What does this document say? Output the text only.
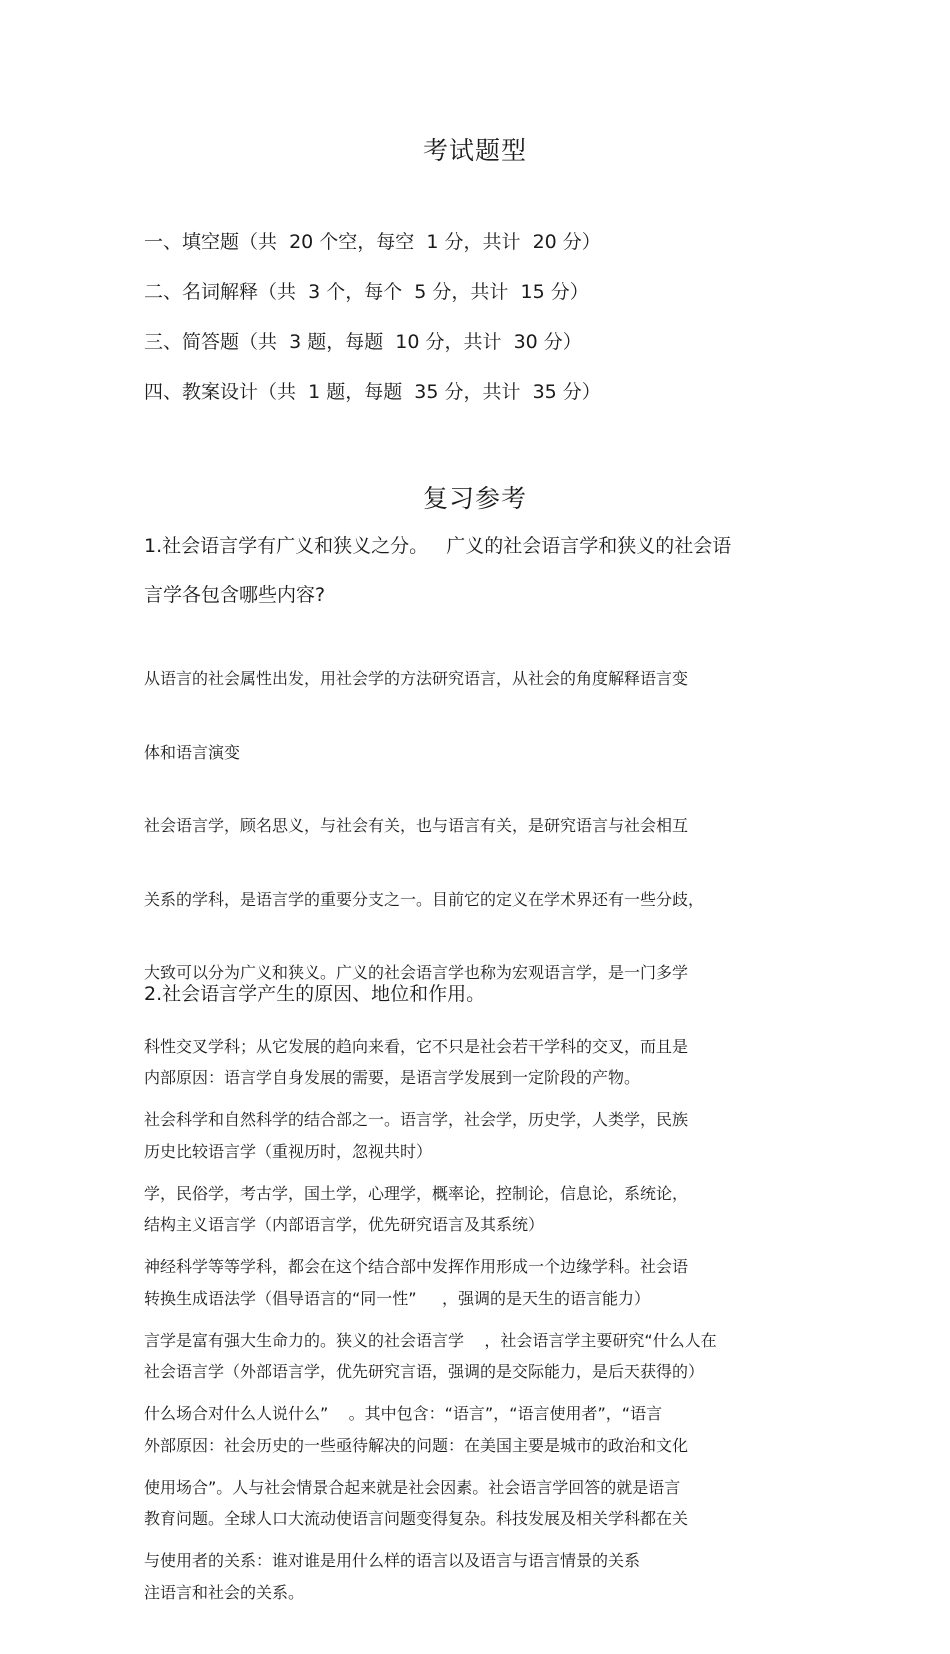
考试题型
一、填空题（共  20 个空，每空  1 分，共计  20 分）
二、名词解释（共  3 个，每个  5 分，共计  15 分）
三、简答题（共  3 题，每题  10 分，共计  30 分）
四、教案设计（共  1 题，每题  35 分，共计  35 分）
复习参考
1.社会语言学有广义和狭义之分。   广义的社会语言学和狭义的社会语
言学各包含哪些内容?

从语言的社会属性出发，用社会学的方法研究语言，从社会的角度解释语言变

体和语言演变

社会语言学，顾名思义，与社会有关，也与语言有关，是研究语言与社会相互

关系的学科，是语言学的重要分支之一。目前它的定义在学术界还有一些分歧，

大致可以分为广义和狭义。广义的社会语言学也称为宏观语言学，是一门多学

科性交叉学科；从它发展的趋向来看，它不只是社会若干学科的交叉，而且是

社会科学和自然科学的结合部之一。语言学，社会学，历史学，人类学，民族

学，民俗学，考古学，国土学，心理学，概率论，控制论，信息论，系统论，

神经科学等等学科，都会在这个结合部中发挥作用形成一个边缘学科。社会语

言学是富有强大生命力的。狭义的社会语言学    ，社会语言学主要研究“什么人在

什么场合对什么人说什么”    。其中包含：“语言”，“语言使用者”，“语言

使用场合”。人与社会情景合起来就是社会因素。社会语言学回答的就是语言

与使用者的关系：谁对谁是用什么样的语言以及语言与语言情景的关系

2.社会语言学产生的原因、地位和作用。

内部原因：语言学自身发展的需要，是语言学发展到一定阶段的产物。

历史比较语言学（重视历时，忽视共时）

结构主义语言学（内部语言学，优先研究语言及其系统）

转换生成语法学（倡导语言的“同一性”     ，强调的是天生的语言能力）

社会语言学（外部语言学，优先研究言语，强调的是交际能力，是后天获得的）

外部原因：社会历史的一些亟待解决的问题：在美国主要是城市的政治和文化

教育问题。全球人口大流动使语言问题变得复杂。科技发展及相关学科都在关

注语言和社会的关系。
